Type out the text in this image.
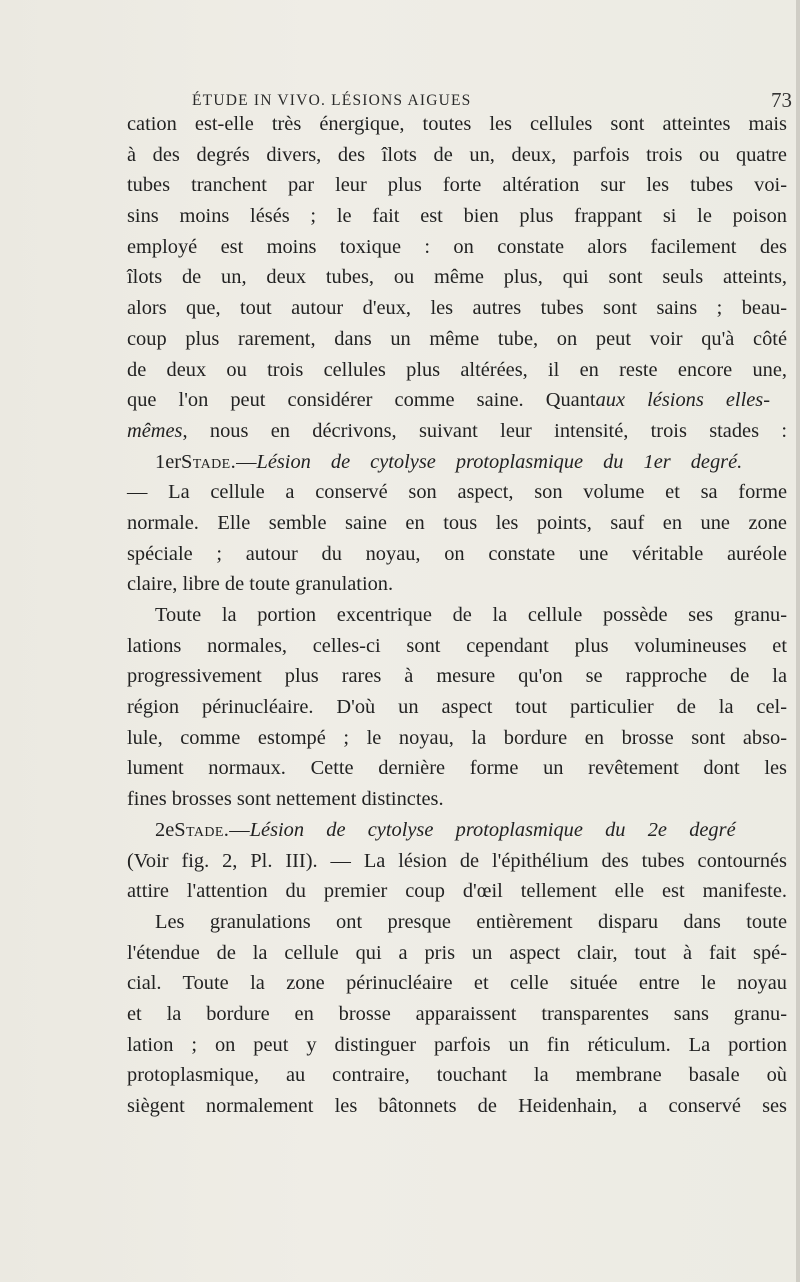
ÉTUDE IN VIVO. LÉSIONS AIGUES	73
cation est-elle très énergique, toutes les cellules sont atteintes mais
à des degrés divers, des îlots de un, deux, parfois trois ou quatre
tubes tranchent par leur plus forte altération sur les tubes voi-
sins moins lésés ; le fait est bien plus frappant si le poison
employé est moins toxique : on constate alors facilement des
îlots de un, deux tubes, ou même plus, qui sont seuls atteints,
alors que, tout autour d'eux, les autres tubes sont sains ; beau-
coup plus rarement, dans un même tube, on peut voir qu'à côté
de deux ou trois cellules plus altérées, il en reste encore une,
que l'on peut considérer comme saine. Quantaux lésions elles-
mêmes, nous en décrivons, suivant leur intensité, trois stades :
1erStade.—Lésion de cytolyse protoplasmique du 1er degré.
— La cellule a conservé son aspect, son volume et sa forme
normale. Elle semble saine en tous les points, sauf en une zone
spéciale ; autour du noyau, on constate une véritable auréole
claire, libre de toute granulation.
Toute la portion excentrique de la cellule possède ses granu-
lations normales, celles-ci sont cependant plus volumineuses et
progressivement plus rares à mesure qu'on se rapproche de la
région périnucléaire. D'où un aspect tout particulier de la cel-
lule, comme estompé ; le noyau, la bordure en brosse sont abso-
lument normaux. Cette dernière forme un revêtement dont les
fines brosses sont nettement distinctes.
2eStade.—Lésion de cytolyse protoplasmique du 2e degré
(Voir fig. 2, Pl. III). — La lésion de l'épithélium des tubes contournés
attire l'attention du premier coup d'œil tellement elle est manifeste.
Les granulations ont presque entièrement disparu dans toute
l'étendue de la cellule qui a pris un aspect clair, tout à fait spé-
cial. Toute la zone périnucléaire et celle située entre le noyau
et la bordure en brosse apparaissent transparentes sans granu-
lation ; on peut y distinguer parfois un fin réticulum. La portion
protoplasmique, au contraire, touchant la membrane basale où
siègent normalement les bâtonnets de Heidenhain, a conservé ses
